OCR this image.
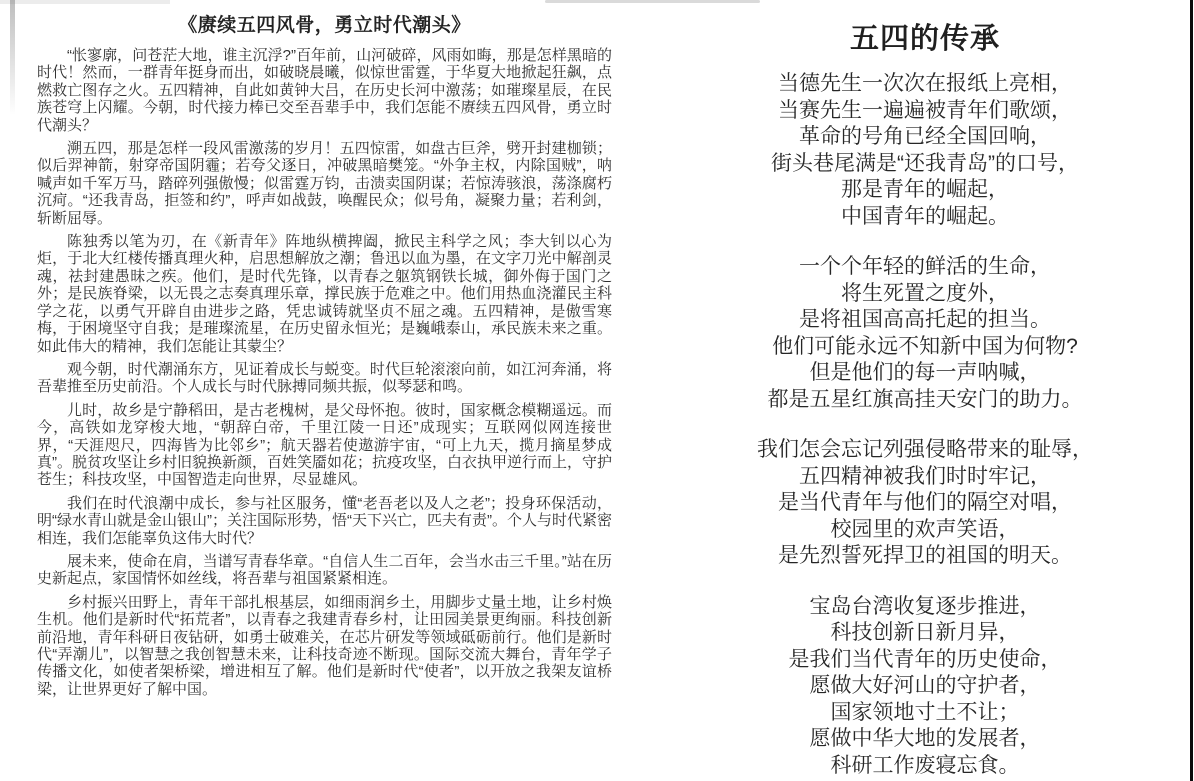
《赓续五四风骨，勇立时代潮头》

“怅寥廓，问苍茫大地，谁主沉浮?”百年前，山河破碎，风雨如晦，那是怎样黑暗的时代！然而，一群青年挺身而出，如破晓晨曦，似惊世雷霆，于华夏大地掀起狂飙，点燃救亡图存之火。五四精神，自此如黄钟大吕，在历史长河中激荡；如璀璨星辰，在民族苍穹上闪耀。今朝，时代接力棒已交至吾辈手中，我们怎能不赓续五四风骨，勇立时代潮头？

溯五四，那是怎样一段风雷激荡的岁月！五四惊雷，如盘古巨斧，劈开封建枷锁；似后羿神箭，射穿帝国阴霾；若夸父逐日，冲破黑暗樊笼。“外争主权，内除国贼”，呐喊声如千军万马，踏碎列强傲慢；似雷霆万钧，击溃卖国阴谋；若惊涛骇浪，荡涤腐朽沉疴。“还我青岛，拒签和约”，呼声如战鼓，唤醒民众；似号角，凝聚力量；若利剑，斩断屈辱。

陈独秀以笔为刃，在《新青年》阵地纵横捭阖，掀民主科学之风；李大钊以心为炬，于北大红楼传播真理火种，启思想解放之潮；鲁迅以血为墨，在文字刀光中解剖灵魂，祛封建愚昧之疾。他们，是时代先锋，以青春之躯筑钢铁长城，御外侮于国门之外；是民族脊梁，以无畏之志奏真理乐章，撑民族于危难之中。他们用热血浇灌民主科学之花，以勇气开辟自由进步之路，凭忠诚铸就坚贞不屈之魂。五四精神，是傲雪寒梅，于困境坚守自我；是璀璨流星，在历史留永恒光；是巍峨泰山，承民族未来之重。如此伟大的精神，我们怎能让其蒙尘？

观今朝，时代潮涌东方，见证着成长与蜕变。时代巨轮滚滚向前，如江河奔涌，将吾辈推至历史前沿。个人成长与时代脉搏同频共振，似琴瑟和鸣。

儿时，故乡是宁静稻田，是古老槐树，是父母怀抱。彼时，国家概念模糊遥远。而今，高铁如龙穿梭大地，“朝辞白帝，千里江陵一日还”成现实；互联网似网连接世界，“天涯咫尺，四海皆为比邻乡”；航天器若使遨游宇宙，“可上九天，揽月摘星梦成真”。脱贫攻坚让乡村旧貌换新颜，百姓笑靥如花；抗疫攻坚，白衣执甲逆行而上，守护苍生；科技攻坚，中国智造走向世界，尽显雄风。

我们在时代浪潮中成长，参与社区服务，懂“老吾老以及人之老”；投身环保活动，明“绿水青山就是金山银山”；关注国际形势，悟“天下兴亡，匹夫有责”。个人与时代紧密相连，我们怎能辜负这伟大时代？

展未来，使命在肩，当谱写青春华章。“自信人生二百年，会当水击三千里。”站在历史新起点，家国情怀如丝线，将吾辈与祖国紧紧相连。

乡村振兴田野上，青年干部扎根基层，如细雨润乡土，用脚步丈量土地，让乡村焕生机。他们是新时代“拓荒者”，以青春之我建青春乡村，让田园美景更绚丽。科技创新前沿地，青年科研日夜钻研，如勇士破难关，在芯片研发等领域砥砺前行。他们是新时代“弄潮儿”，以智慧之我创智慧未来，让科技奇迹不断现。国际交流大舞台，青年学子传播文化，如使者架桥梁，增进相互了解。他们是新时代“使者”，以开放之我架友谊桥梁，让世界更好了解中国。

五四的传承

当德先生一次次在报纸上亮相，

当赛先生一遍遍被青年们歌颂，

革命的号角已经全国回响，

街头巷尾满是“还我青岛”的口号，

那是青年的崛起，

中国青年的崛起。

一个个年轻的鲜活的生命，

将生死置之度外，

是将祖国高高托起的担当。

他们可能永远不知新中国为何物?

但是他们的每一声呐喊，

都是五星红旗高挂天安门的助力。

我们怎会忘记列强侵略带来的耻辱，

五四精神被我们时时牢记，

是当代青年与他们的隔空对唱，

校园里的欢声笑语，

是先烈誓死捍卫的祖国的明天。

宝岛台湾收复逐步推进，

科技创新日新月异，

是我们当代青年的历史使命，

愿做大好河山的守护者，

国家领地寸土不让；

愿做中华大地的发展者，

科研工作废寝忘食。
